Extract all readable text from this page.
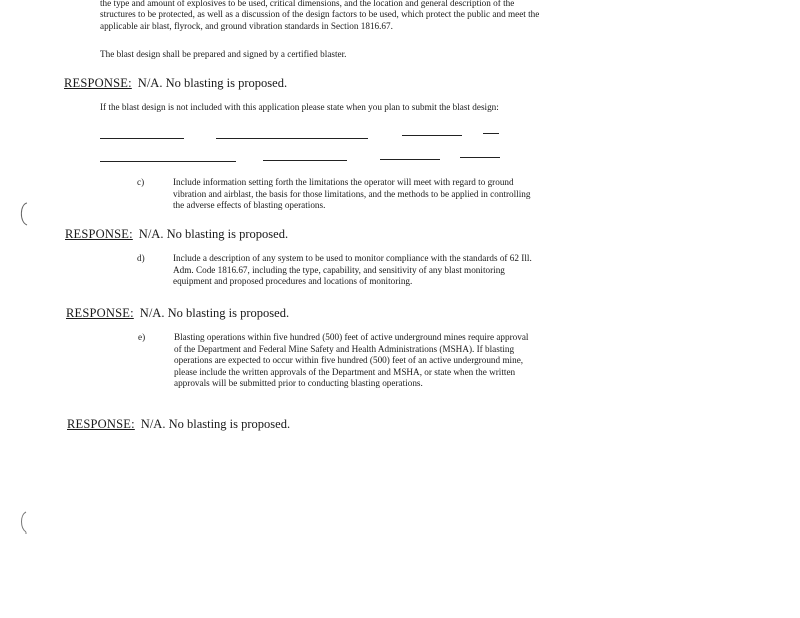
the type and amount of explosives to be used, critical dimensions, and the location and general description of the structures to be protected, as well as a discussion of the design factors to be used, which protect the public and meet the applicable air blast, flyrock, and ground vibration standards in Section 1816.67.
The blast design shall be prepared and signed by a certified blaster.
RESPONSE: N/A. No blasting is proposed.
If the blast design is not included with this application please state when you plan to submit the blast design:
c)	Include information setting forth the limitations the operator will meet with regard to ground vibration and airblast, the basis for those limitations, and the methods to be applied in controlling the adverse effects of blasting operations.
RESPONSE: N/A. No blasting is proposed.
d)	Include a description of any system to be used to monitor compliance with the standards of 62 Ill. Adm. Code 1816.67, including the type, capability, and sensitivity of any blast monitoring equipment and proposed procedures and locations of monitoring.
RESPONSE: N/A. No blasting is proposed.
e)	Blasting operations within five hundred (500) feet of active underground mines require approval of the Department and Federal Mine Safety and Health Administrations (MSHA). If blasting operations are expected to occur within five hundred (500) feet of an active underground mine, please include the written approvals of the Department and MSHA, or state when the written approvals will be submitted prior to conducting blasting operations.
RESPONSE: N/A. No blasting is proposed.
